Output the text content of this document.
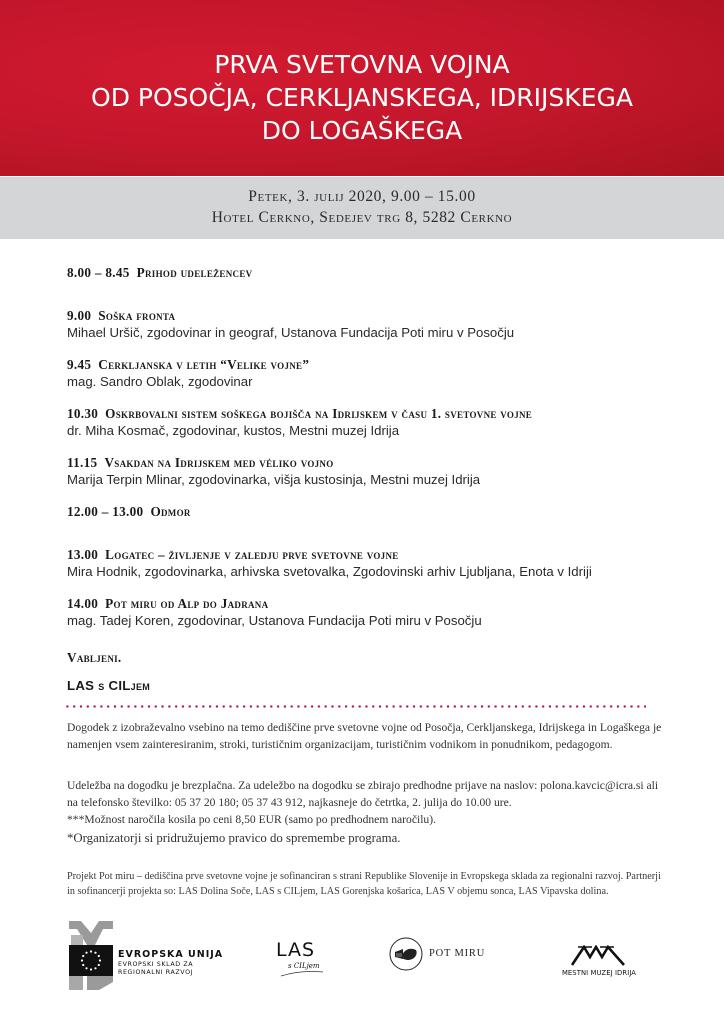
PRVA SVETOVNA VOJNA
OD POSOČJA, CERKLJANSKEGA, IDRIJSKEGA
DO LOGAŠKEGA
Petek, 3. julij 2020, 9.00 – 15.00
Hotel Cerkno, Sedejev trg 8, 5282 Cerkno
8.00 – 8.45 Prihod udeležencev
9.00 Soška fronta
Mihael Uršič, zgodovinar in geograf, Ustanova Fundacija Poti miru v Posočju
9.45 Cerkljanska v letih “Velike vojne”
mag. Sandro Oblak, zgodovinar
10.30 Oskrbovalni sistem soškega bojišča na Idrijskem v času 1. svetovne vojne
dr. Miha Kosmač, zgodovinar, kustos, Mestni muzej Idrija
11.15 Vsakdan na Idrijskem med véliko vojno
Marija Terpin Mlinar, zgodovinarka, višja kustosinja, Mestni muzej Idrija
12.00 – 13.00 Odmor
13.00 Logatec – življenje v zaledju prve svetovne vojne
Mira Hodnik, zgodovinarka, arhivska svetovalka, Zgodovinski arhiv Ljubljana, Enota v Idriji
14.00 Pot miru od Alp do Jadrana
mag. Tadej Koren, zgodovinar, Ustanova Fundacija Poti miru v Posočju
Vabljeni.
LAS s CILjem

Dogodek z izobraževalno vsebino na temo dediščine prve svetovne vojne od Posočja, Cerkljanskega, Idrijskega in Logaškega je namenjen vsem zainteresiranim, stroki, turističnim organizacijam, turističnim vodnikom in ponudnikom, pedagogom.

Udeležba na dogodku je brezplačna. Za udeležbo na dogodku se zbirajo predhodne prijave na naslov: polona.kavcic@icra.si ali na telefonsko številko: 05 37 20 180; 05 37 43 912, najkasneje do četrtka, 2. julija do 10.00 ure.

***Možnost naročila kosila po ceni 8,50 EUR (samo po predhodnem naročilu).

*Organizatorji si pridružujemo pravico do spremembe programa.

Projekt Pot miru – dediščina prve svetovne vojne je sofinanciran s strani Republike Slovenije in Evropskega sklada za regionalni razvoj. Partnerji in sofinancerji projekta so: LAS Dolina Soče, LAS s CILjem, LAS Gorenjska košarica, LAS V objemu sonca, LAS Vipavska dolina.

EVROPSKA UNIJA
EVROPSKI SKLAD ZA
REGIONALNI RAZVOJ
LAS
s CILjem
POT MIRU
MESTNI MUZEJ IDRIJA
